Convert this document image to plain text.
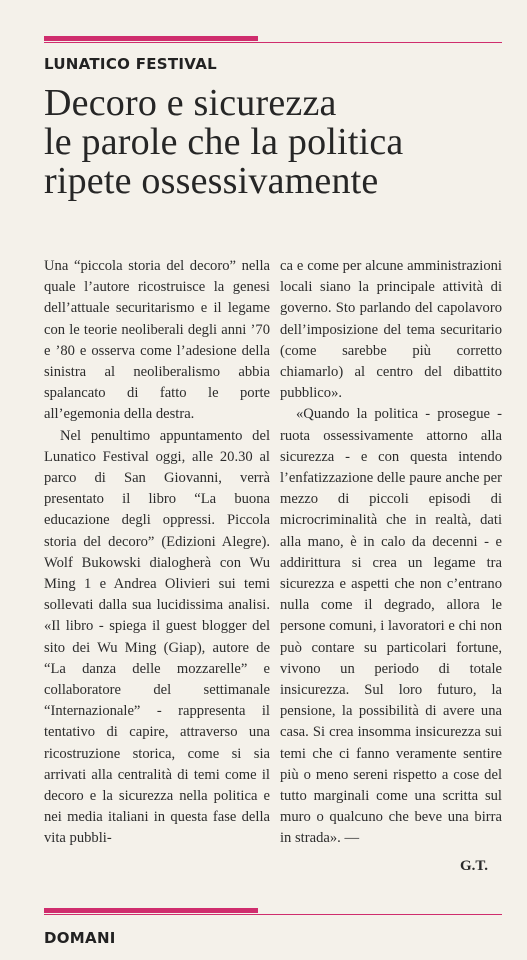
LUNATICO FESTIVAL
Decoro e sicurezza
le parole che la politica
ripete ossessivamente

Una “piccola storia del decoro” nella quale l’autore ricostruisce la genesi dell’attuale securitarismo e il legame con le teorie neoliberali degli anni ’70 e ’80 e osserva come l’adesione della sinistra al neoliberalismo abbia spalancato di fatto le porte all’egemonia della destra.

Nel penultimo appuntamento del Lunatico Festival oggi, alle 20.30 al parco di San Giovanni, verrà presentato il libro “La buona educazione degli oppressi. Piccola storia del decoro” (Edizioni Alegre). Wolf Bukowski dialogherà con Wu Ming 1 e Andrea Olivieri sui temi sollevati dalla sua lucidissima analisi. «Il libro - spiega il guest blogger del sito dei Wu Ming (Giap), autore de “La danza delle mozzarelle” e collaboratore del settimanale “Internazionale” - rappresenta il tentativo di capire, attraverso una ricostruzione storica, come si sia arrivati alla centralità di temi come il decoro e la sicurezza nella politica e nei media italiani in questa fase della vita pubbli-

ca e come per alcune amministrazioni locali siano la principale attività di governo. Sto parlando del capolavoro dell’imposizione del tema securitario (come sarebbe più corretto chiamarlo) al centro del dibattito pubblico».

«Quando la politica - prosegue - ruota ossessivamente attorno alla sicurezza - e con questa intendo l’enfatizzazione delle paure anche per mezzo di piccoli episodi di microcriminalità che in realtà, dati alla mano, è in calo da decenni - e addirittura si crea un legame tra sicurezza e aspetti che non c’entrano nulla come il degrado, allora le persone comuni, i lavoratori e chi non può contare su particolari fortune, vivono un periodo di totale insicurezza. Sul loro futuro, la pensione, la possibilità di avere una casa. Si crea insomma insicurezza sui temi che ci fanno veramente sentire più o meno sereni rispetto a cose del tutto marginali come una scritta sul muro o qualcuno che beve una birra in strada». —

G.T.
DOMANI
